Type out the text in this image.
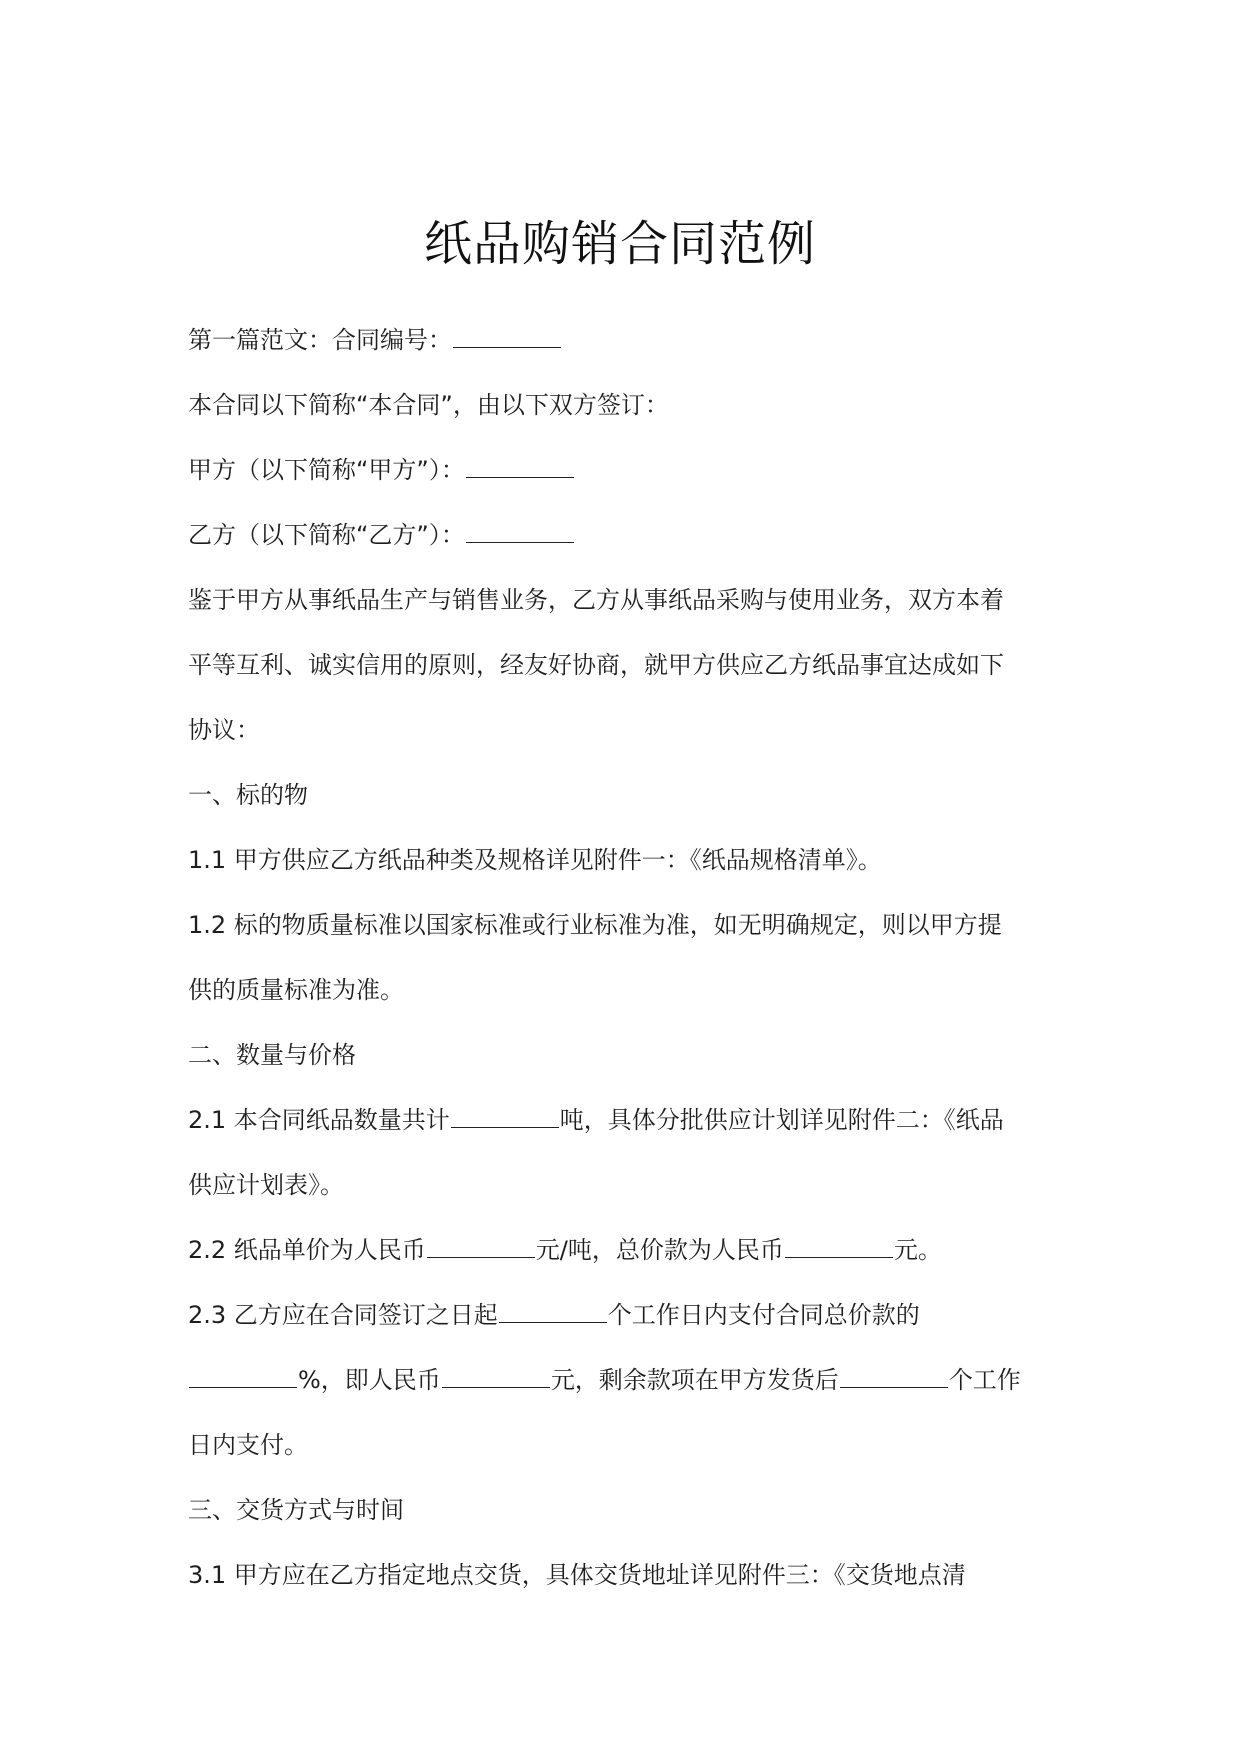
纸品购销合同范例
第一篇范文：合同编号：
本合同以下简称“本合同”，由以下双方签订：
甲方（以下简称“甲方”）：
乙方（以下简称“乙方”）：
鉴于甲方从事纸品生产与销售业务，乙方从事纸品采购与使用业务，双方本着
平等互利、诚实信用的原则，经友好协商，就甲方供应乙方纸品事宜达成如下
协议：
一、标的物
1.1 甲方供应乙方纸品种类及规格详见附件一：《纸品规格清单》。
1.2 标的物质量标准以国家标准或行业标准为准，如无明确规定，则以甲方提
供的质量标准为准。
二、数量与价格
2.1 本合同纸品数量共计	吨，具体分批供应计划详见附件二：《纸品
供应计划表》。
2.2 纸品单价为人民币	元/吨，总价款为人民币	元。
2.3 乙方应在合同签订之日起	个工作日内支付合同总价款的
%，即人民币	元，剩余款项在甲方发货后	个工作
日内支付。
三、交货方式与时间
3.1 甲方应在乙方指定地点交货，具体交货地址详见附件三：《交货地点清
